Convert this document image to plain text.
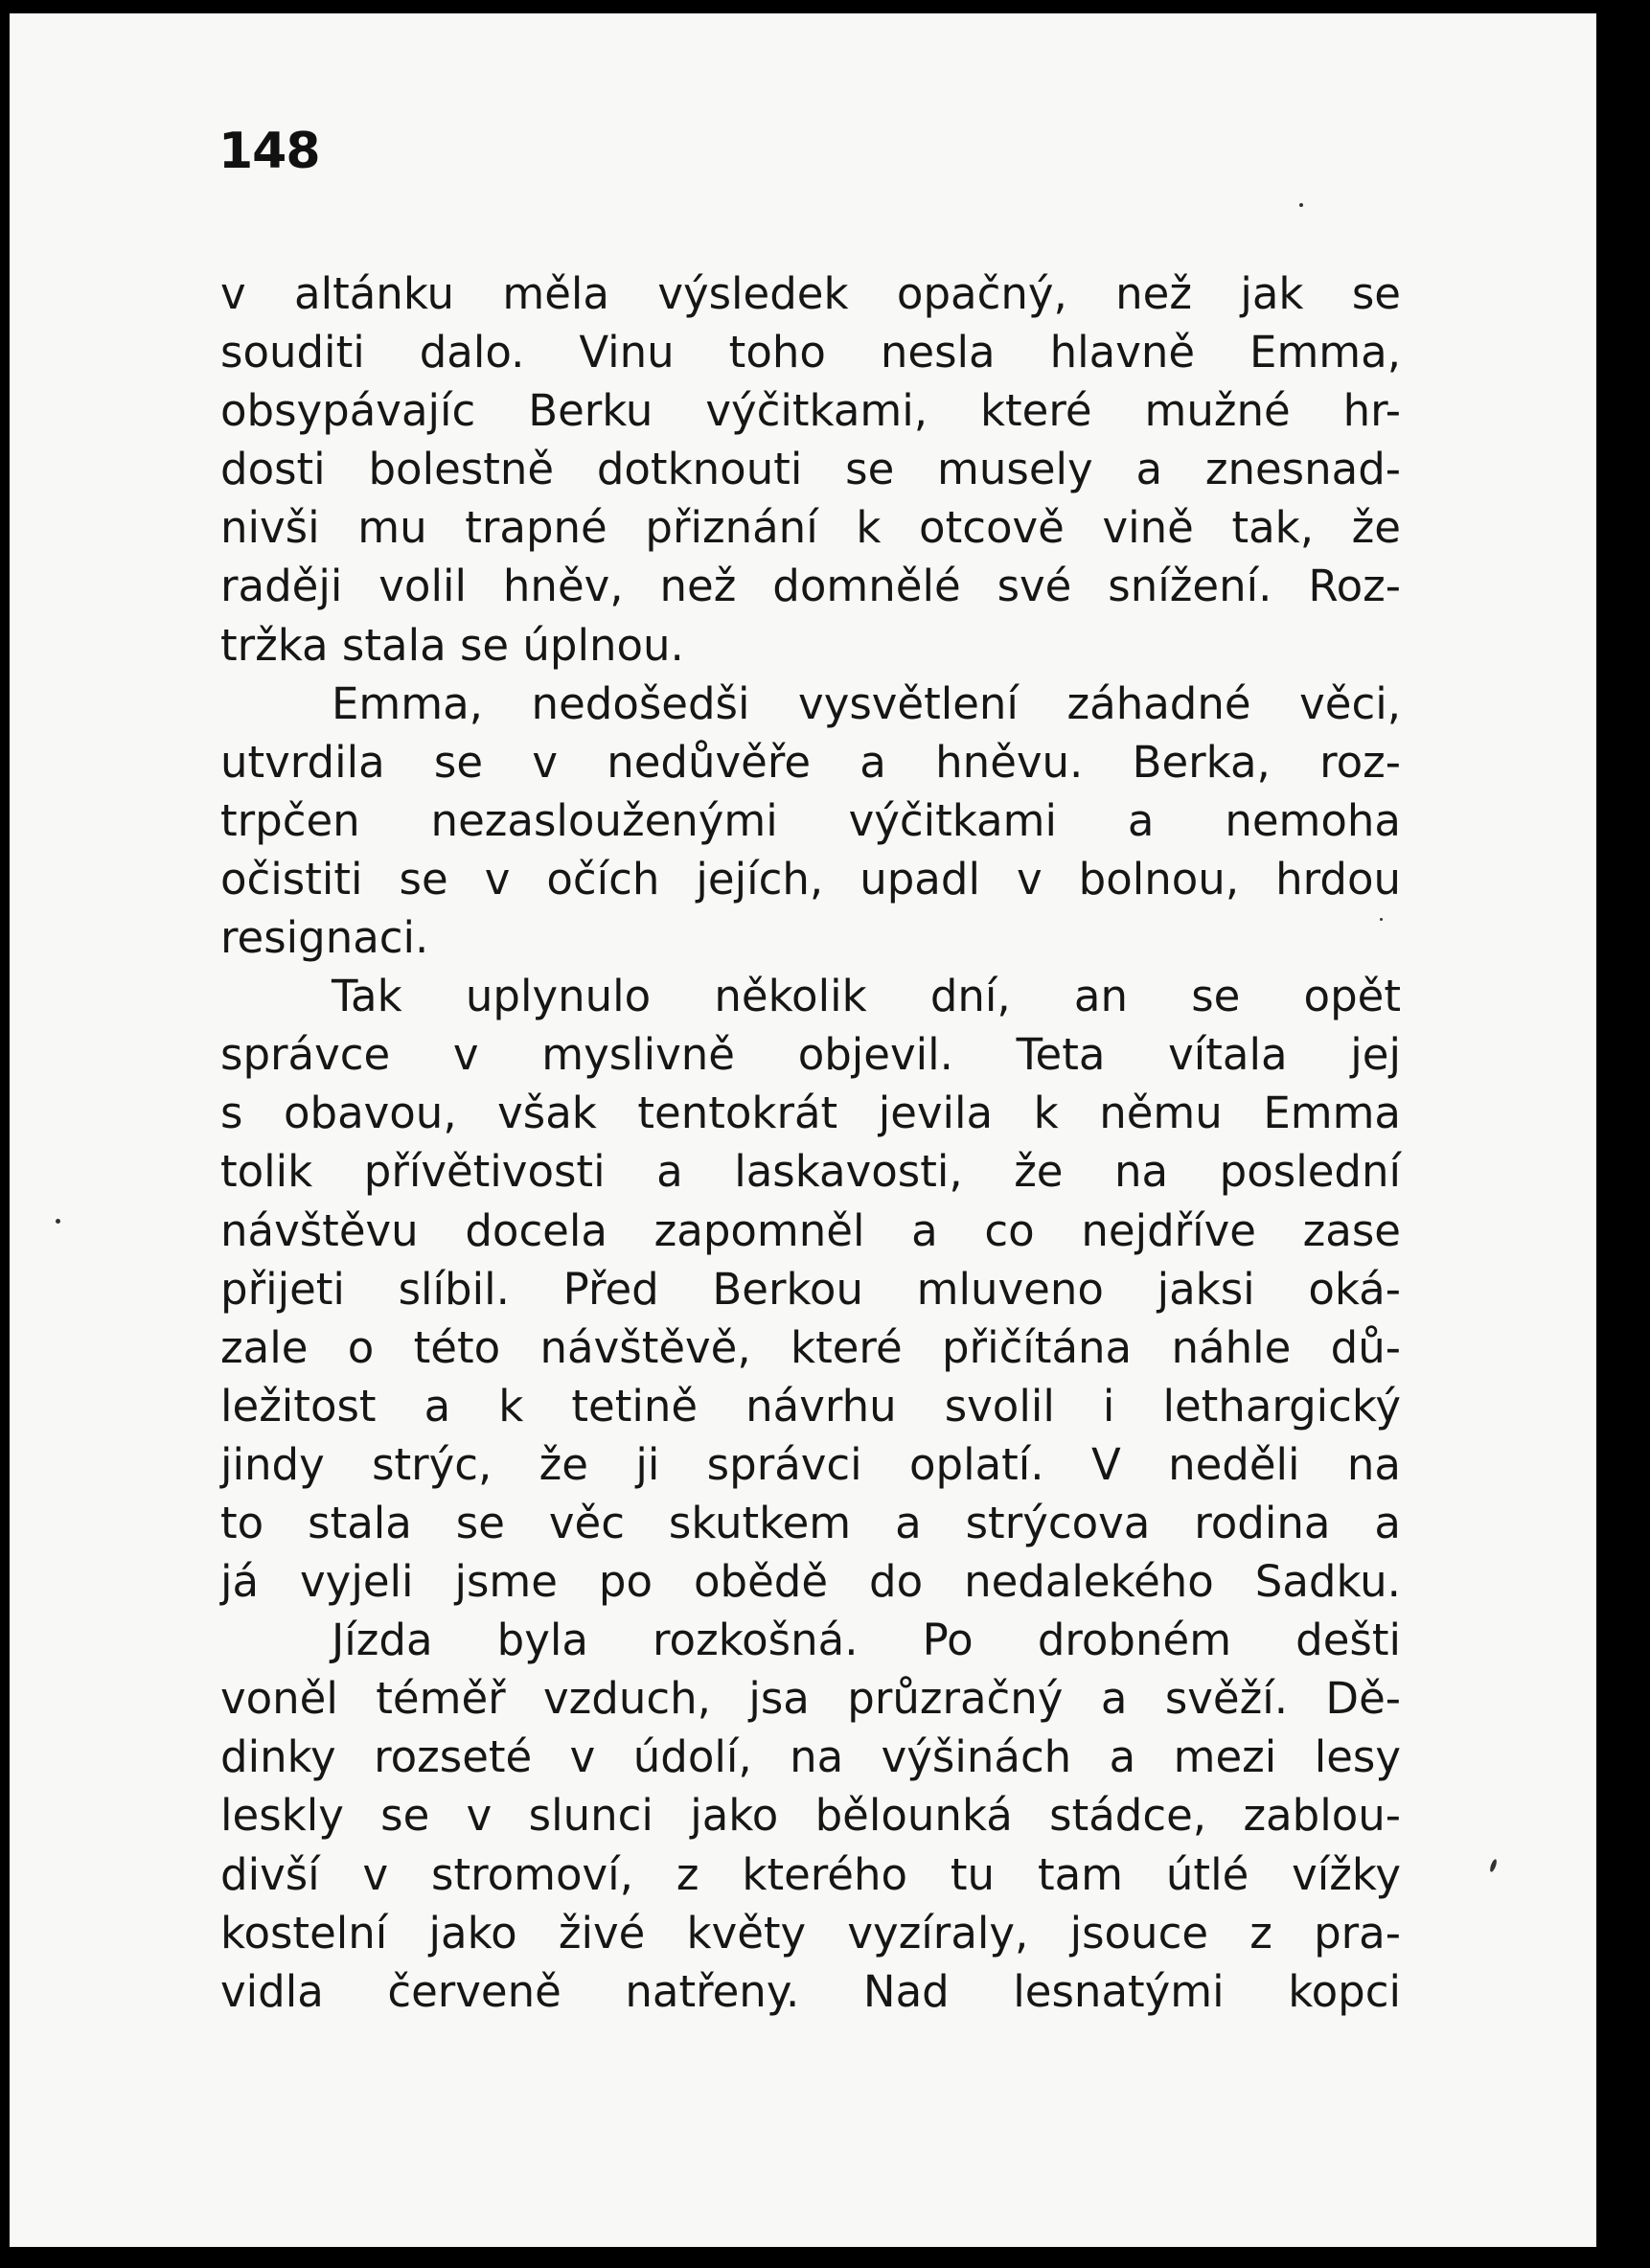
148
v altánku měla výsledek opačný, než jak se
souditi dalo. Vinu toho nesla hlavně Emma,
obsypávajíc Berku výčitkami, které mužné hr-
dosti bolestně dotknouti se musely a znesnad-
nivši mu trapné přiznání k otcově vině tak, že
raději volil hněv, než domnělé své snížení. Roz-
tržka stala se úplnou.
Emma, nedošedši vysvětlení záhadné věci,
utvrdila se v nedůvěře a hněvu. Berka, roz-
trpčen nezaslouženými výčitkami a nemoha
očistiti se v očích jejích, upadl v bolnou, hrdou
resignaci.
Tak uplynulo několik dní, an se opět
správce v myslivně objevil. Teta vítala jej
s obavou, však tentokrát jevila k němu Emma
tolik přívětivosti a laskavosti, že na poslední
návštěvu docela zapomněl a co nejdříve zase
přijeti slíbil. Před Berkou mluveno jaksi oká-
zale o této návštěvě, které přičítána náhle dů-
ležitost a k tetině návrhu svolil i lethargický
jindy strýc, že ji správci oplatí. V neděli na
to stala se věc skutkem a strýcova rodina a
já vyjeli jsme po obědě do nedalekého Sadku.
Jízda byla rozkošná. Po drobném dešti
voněl téměř vzduch, jsa průzračný a svěží. Dě-
dinky rozseté v údolí, na výšinách a mezi lesy
leskly se v slunci jako bělounká stádce, zablou-
divší v stromoví, z kterého tu tam útlé vížky
kostelní jako živé květy vyzíraly, jsouce z pra-
vidla červeně natřeny. Nad lesnatými kopci
